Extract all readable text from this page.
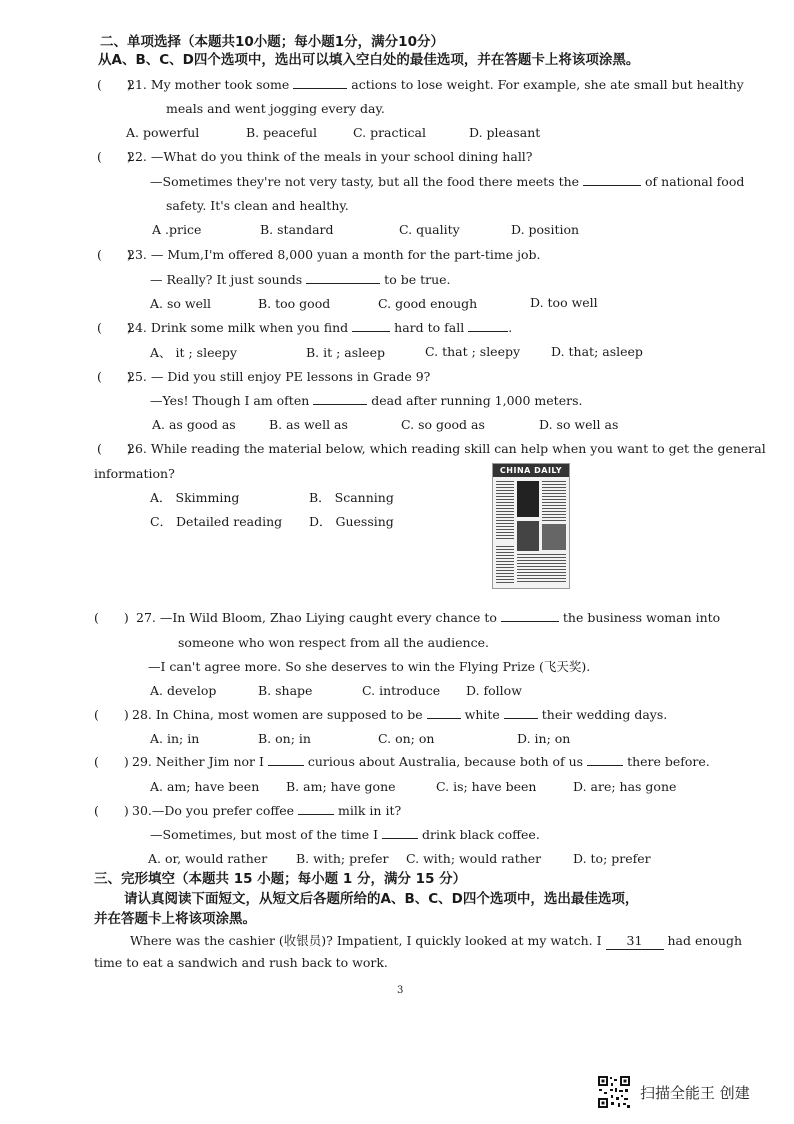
二、单项选择（本题共10小题；每小题1分，满分10分）
从A、B、C、D四个选项中，选出可以填入空白处的最佳选项，并在答题卡上将该项涂黑。
(　　)21. My mother took some	actions to lose weight. For example, she ate small but healthy
meals and went jogging every day.
A. powerful	B. peaceful	C. practical	D. pleasant
(　　)22. —What do you think of the meals in your school dining hall?
—Sometimes they're not very tasty, but all the food there meets the	of national food
safety. It's clean and healthy.
A .price	B. standard	C. quality	D. position
(　　)23. — Mum,I'm offered 8,000 yuan a month for the part-time job.
— Really? It just sounds	to be true.
A. so well	B. too good	C. good enough	D. too well
(　　)24. Drink some milk when you find	hard to fall	.
A、 it ; sleepy	B. it ; asleep	C. that ; sleepy D. that; asleep
(　　)25. — Did you still enjoy PE lessons in Grade 9?
—Yes! Though I am often	dead after running 1,000 meters.
A. as good as	B. as well as	C. so good as	D. so well as
(　　)26. While reading the material below, which reading skill can help when you want to get the general
information?
A． Skimming	B． Scanning
C． Detailed reading D． Guessing
CHINA DAILY
(　　) 27. —In Wild Bloom, Zhao Liying caught every chance to	the business woman into
someone who won respect from all the audience.
—I can't agree more. So she deserves to win the Flying Prize (飞天奖).
A. develop	B. shape	C. introduce D. follow
(　　) 28. In China, most women are supposed to be	white	their wedding days.
A. in; in	B. on; in	C. on; on	D. in; on
(　　) 29. Neither Jim nor I	curious about Australia, because both of us	there before.
A. am; have been B. am; have gone	C. is; have been	D. are; has gone
(　　) 30.—Do you prefer coffee	milk in it?
—Sometimes, but most of the time I	drink black coffee.
A. or, would rather B. with; prefer C. with; would rather	D. to; prefer
三、完形填空（本题共 15 小题；每小题 1 分，满分 15 分）
请认真阅读下面短文，从短文后各题所给的A、B、C、D四个选项中，选出最佳选项，
并在答题卡上将该项涂黑。
Where was the cashier (收银员)? Impatient, I quickly looked at my watch. I 31 had enough
time to eat a sandwich and rush back to work.
3
扫描全能王 创建
